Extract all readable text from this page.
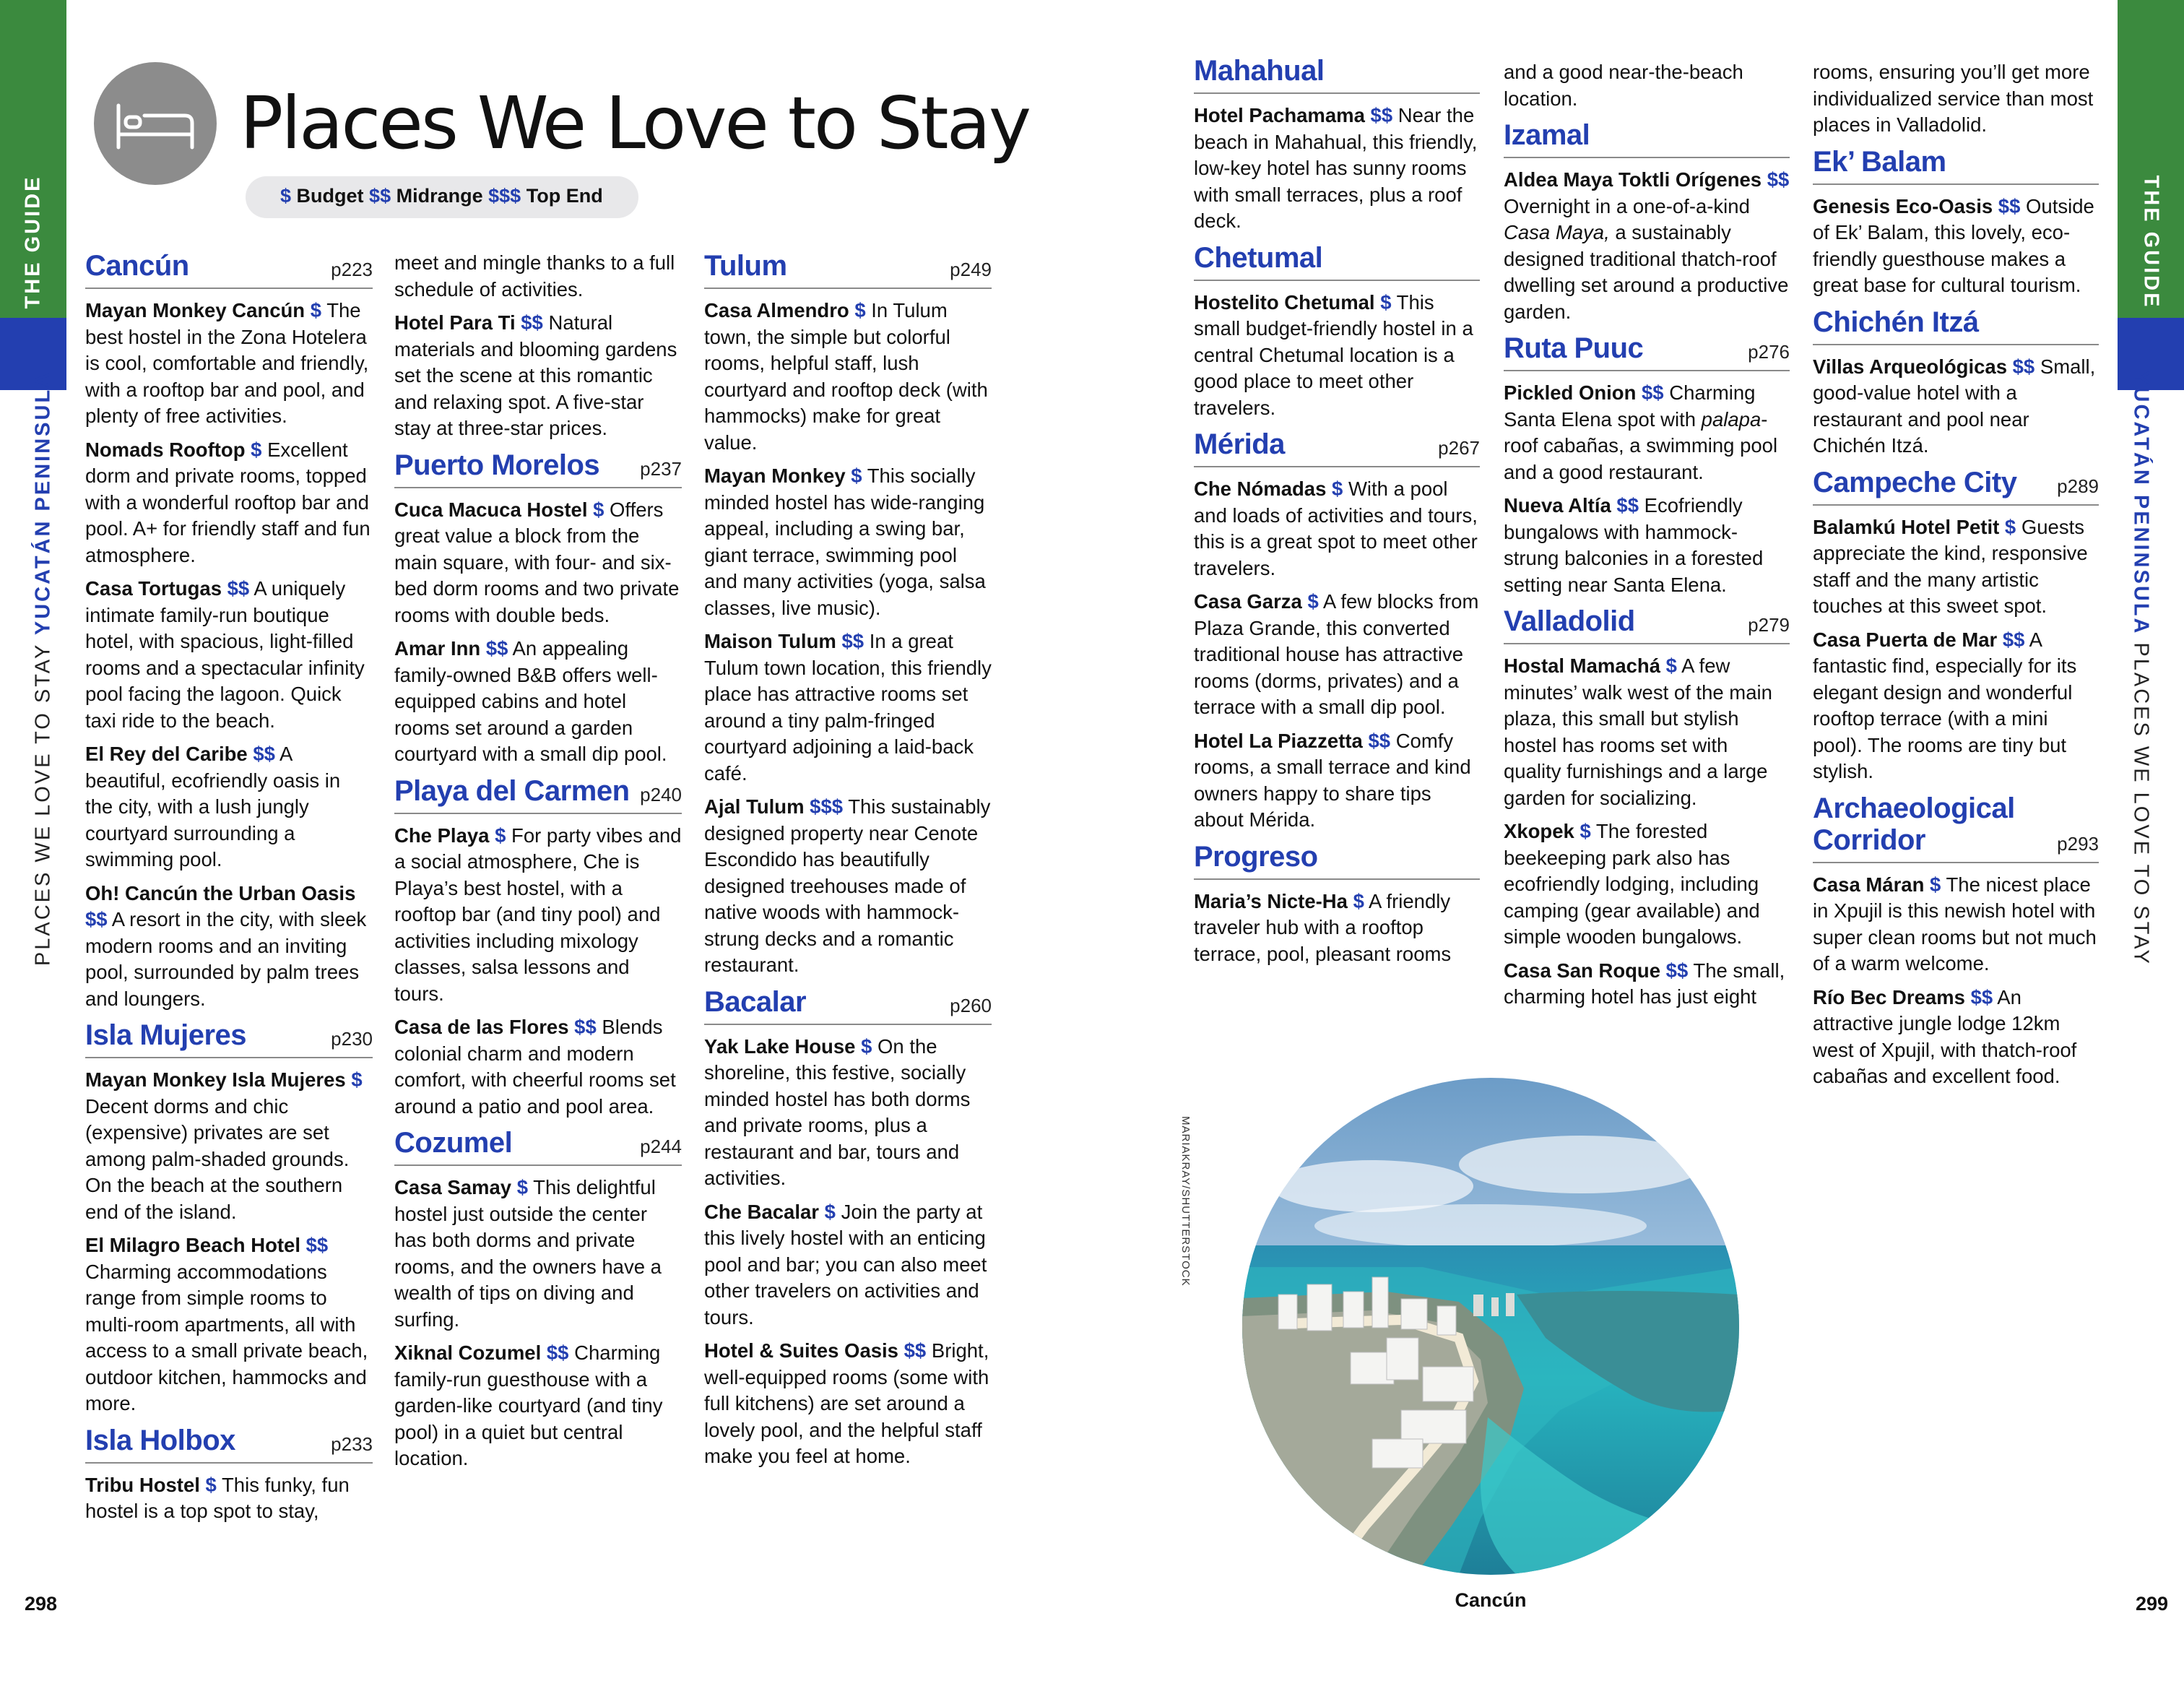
THE GUIDE
PLACES WE LOVE TO STAY YUCATÁN PENINSULA
Places We Love to Stay
$ Budget $$ Midrange $$$ Top End
Cancún	p223

Mayan Monkey Cancún $ The best hostel in the Zona Hotelera is cool, comfortable and friendly, with a rooftop bar and pool, and plenty of free activities.

Nomads Rooftop $ Excellent dorm and private rooms, topped with a wonderful rooftop bar and pool. A+ for friendly staff and fun atmosphere.

Casa Tortugas $$ A uniquely intimate family-run boutique hotel, with spacious, light-filled rooms and a spectacular infinity pool facing the lagoon. Quick taxi ride to the beach.

El Rey del Caribe $$ A beautiful, ecofriendly oasis in the city, with a lush jungly courtyard surrounding a swimming pool.

Oh! Cancún the Urban Oasis $$ A resort in the city, with sleek modern rooms and an inviting pool, surrounded by palm trees and loungers.

Isla Mujeres	p230

Mayan Monkey Isla Mujeres $ Decent dorms and chic (expensive) privates are set among palm-shaded grounds. On the beach at the southern end of the island.

El Milagro Beach Hotel $$ Charming accommodations range from simple rooms to multi-room apartments, all with access to a small private beach, outdoor kitchen, hammocks and more.

Isla Holbox	p233

Tribu Hostel $ This funky, fun hostel is a top spot to stay,

meet and mingle thanks to a full schedule of activities.

Hotel Para Ti $$ Natural materials and blooming gardens set the scene at this romantic and relaxing spot. A five-star stay at three-star prices.

Puerto Morelos p237

Cuca Macuca Hostel $ Offers great value a block from the main square, with four- and six-bed dorm rooms and two private rooms with double beds.

Amar Inn $$ An appealing family-owned B&B offers well-equipped cabins and hotel rooms set around a garden courtyard with a small dip pool.

Playa del Carmen p240

Che Playa $ For party vibes and a social atmosphere, Che is Playa’s best hostel, with a rooftop bar (and tiny pool) and activities including mixology classes, salsa lessons and tours.

Casa de las Flores $$ Blends colonial charm and modern comfort, with cheerful rooms set around a patio and pool area.

Cozumel	p244

Casa Samay $ This delightful hostel just outside the center has both dorms and private rooms, and the owners have a wealth of tips on diving and surfing.

Xiknal Cozumel $$ Charming family-run guesthouse with a garden-like courtyard (and tiny pool) in a quiet but central location.

Tulum	p249

Casa Almendro $ In Tulum town, the simple but colorful rooms, helpful staff, lush courtyard and rooftop deck (with hammocks) make for great value.

Mayan Monkey $ This socially minded hostel has wide-ranging appeal, including a swing bar, giant terrace, swimming pool and many activities (yoga, salsa classes, live music).

Maison Tulum $$ In a great Tulum town location, this friendly place has attractive rooms set around a tiny palm-fringed courtyard adjoining a laid-back café.

Ajal Tulum $$$ This sustainably designed property near Cenote Escondido has beautifully designed treehouses made of native woods with hammock-strung decks and a romantic restaurant.

Bacalar	p260

Yak Lake House $ On the shoreline, this festive, socially minded hostel has both dorms and private rooms, plus a restaurant and bar, tours and activities.

Che Bacalar $ Join the party at this lively hostel with an enticing pool and bar; you can also meet other travelers on activities and tours.

Hotel & Suites Oasis $$ Bright, well-equipped rooms (some with full kitchens) are set around a lovely pool, and the helpful staff make you feel at home.

298
THE GUIDE
YUCATÁN PENINSULA PLACES WE LOVE TO STAY
299
Mahahual

Hotel Pachamama $$ Near the beach in Mahahual, this friendly, low-key hotel has sunny rooms with small terraces, plus a roof deck.

Chetumal

Hostelito Chetumal $ This small budget-friendly hostel in a central Chetumal location is a good place to meet other travelers.

Mérida	p267

Che Nómadas $ With a pool and loads of activities and tours, this is a great spot to meet other travelers.

Casa Garza $ A few blocks from Plaza Grande, this converted traditional house has attractive rooms (dorms, privates) and a terrace with a small dip pool.

Hotel La Piazzetta $$ Comfy rooms, a small terrace and kind owners happy to share tips about Mérida.

Progreso

Maria’s Nicte-Ha $ A friendly traveler hub with a rooftop terrace, pool, pleasant rooms

and a good near-the-beach location.

Izamal

Aldea Maya Toktli Orígenes $$ Overnight in a one-of-a-kind Casa Maya, a sustainably designed traditional thatch-roof dwelling set around a productive garden.

Ruta Puuc	p276

Pickled Onion $$ Charming Santa Elena spot with palapa-roof cabañas, a swimming pool and a good restaurant.

Nueva Altía $$ Ecofriendly bungalows with hammock-strung balconies in a forested setting near Santa Elena.

Valladolid	p279

Hostal Mamachá $ A few minutes’ walk west of the main plaza, this small but stylish hostel has rooms set with quality furnishings and a large garden for socializing.

Xkopek $ The forested beekeeping park also has ecofriendly lodging, including camping (gear available) and simple wooden bungalows.

Casa San Roque $$ The small, charming hotel has just eight

rooms, ensuring you’ll get more individualized service than most places in Valladolid.

Ek’ Balam

Genesis Eco-Oasis $$ Outside of Ek’ Balam, this lovely, eco-friendly guesthouse makes a great base for cultural tourism.

Chichén Itzá

Villas Arqueológicas $$ Small, good-value hotel with a restaurant and pool near Chichén Itzá.

Campeche City p289

Balamkú Hotel Petit $ Guests appreciate the kind, responsive staff and the many artistic touches at this sweet spot.

Casa Puerta de Mar $$ A fantastic find, especially for its elegant design and wonderful rooftop terrace (with a mini pool). The rooms are tiny but stylish.

Archaeological Corridor	p293

Casa Máran $ The nicest place in Xpujil is this newish hotel with super clean rooms but not much of a warm welcome.

Río Bec Dreams $$ An attractive jungle lodge 12km west of Xpujil, with thatch-roof cabañas and excellent food.

MARIAKRAY/SHUTTERSTOCK
Cancún
